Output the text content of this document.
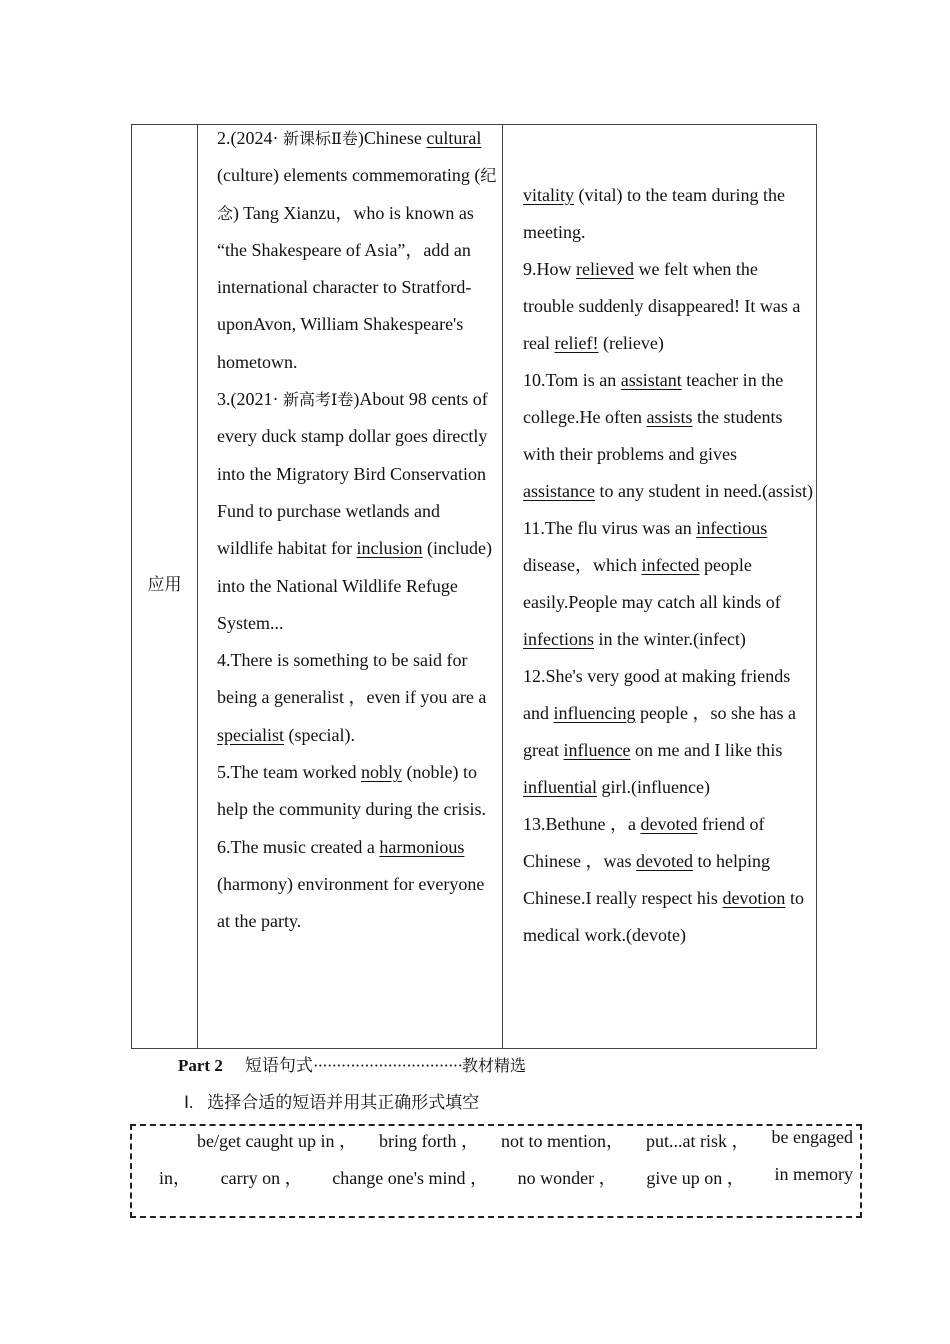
应用

2.(2024· 新课标Ⅱ卷)Chinese cultural (culture) elements commemorating (纪念) Tang Xianzu，who is known as “the Shakespeare of Asia”，add an international character to Stratford-uponAvon, William Shakespeare's hometown.

3.(2021· 新高考Ⅰ卷)About 98 cents of every duck stamp dollar goes directly into the Migratory Bird Conservation Fund to purchase wetlands and wildlife habitat for inclusion (include) into the National Wildlife Refuge System...

4.There is something to be said for being a generalist ，even if you are a specialist (special).

5.The team worked nobly (noble) to help the community during the crisis.

6.The music created a harmonious (harmony) environment for everyone at the party.

vitality (vital) to the team during the meeting.

9.How relieved we felt when the trouble suddenly disappeared! It was a real relief! (relieve)

10.Tom is an assistant teacher in the college.He often assists the students with their problems and gives assistance to any student in need.(assist)

11.The flu virus was an infectious disease，which infected people easily.People may catch all kinds of infections in the winter.(infect)

12.She's very good at making friends and influencing people ，so she has a great influence on me and I like this influential girl.(influence)

13.Bethune ，a devoted friend of Chinese ，was devoted to helping Chinese.I really respect his devotion to medical work.(devote)

Part 2 短语句式································教材精选
Ⅰ. 选择合适的短语并用其正确形式填空
be/get caught up in ， bring forth ， not to mention， put...at risk ， be engaged
in， carry on ， change one's mind ， no wonder ， give up on ， in memory
